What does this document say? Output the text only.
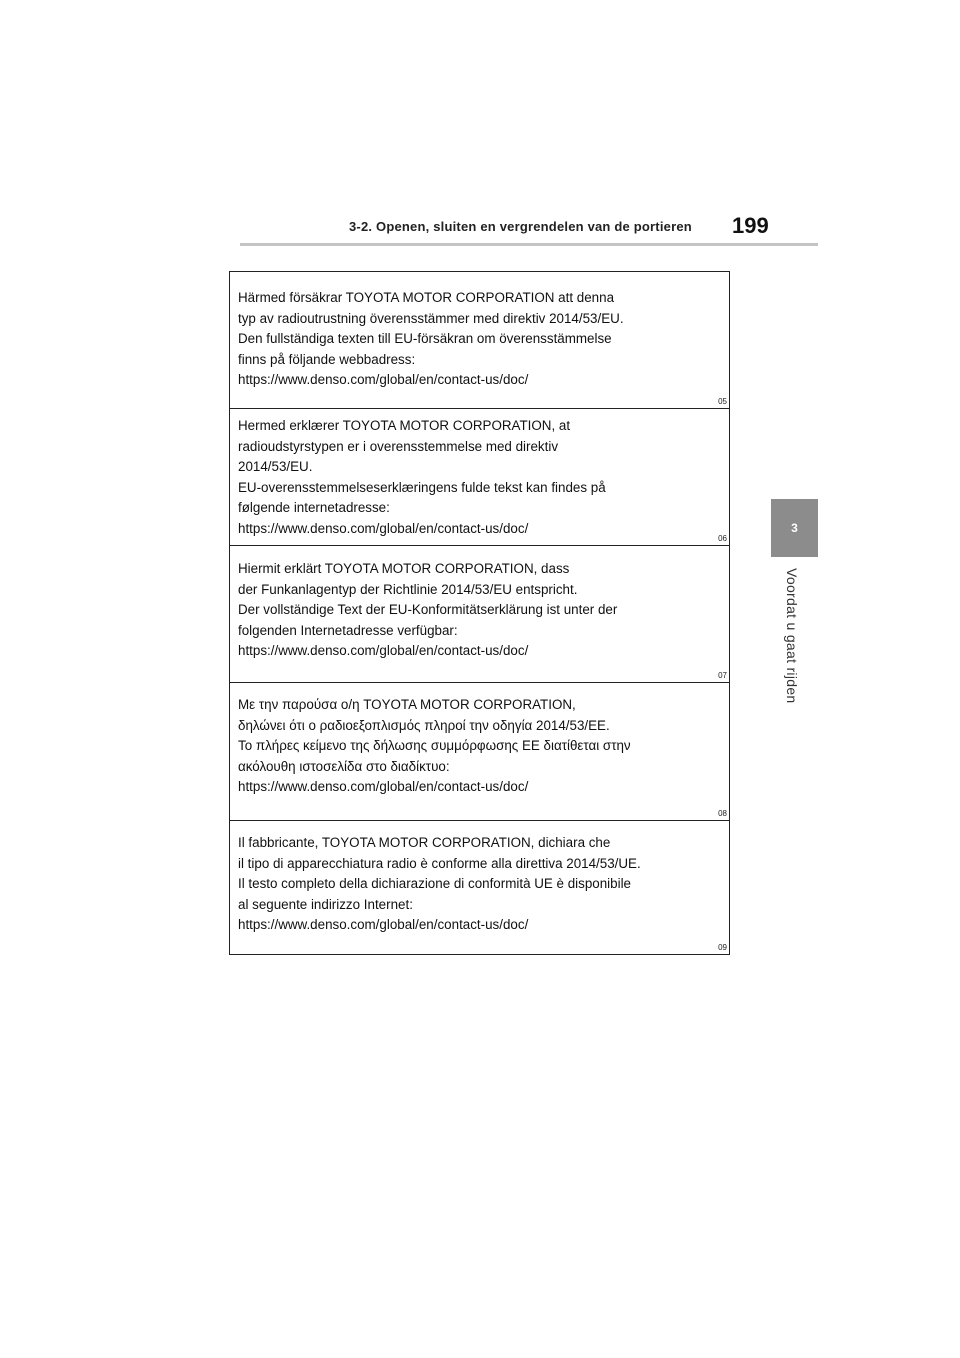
3-2. Openen, sluiten en vergrendelen van de portieren 199
3
Voordat u gaat rijden
Härmed försäkrar TOYOTA MOTOR CORPORATION att denna
typ av radioutrustning överensstämmer med direktiv 2014/53/EU.
Den fullständiga texten till EU-försäkran om överensstämmelse
finns på följande webbadress:
https://www.denso.com/global/en/contact-us/doc/
05
Hermed erklærer TOYOTA MOTOR CORPORATION, at
radioudstyrstypen er i overensstemmelse med direktiv
2014/53/EU.
EU-overensstemmelseserklæringens fulde tekst kan findes på
følgende internetadresse:
https://www.denso.com/global/en/contact-us/doc/
06
Hiermit erklärt TOYOTA MOTOR CORPORATION, dass
der Funkanlagentyp der Richtlinie 2014/53/EU entspricht.
Der vollständige Text der EU-Konformitätserklärung ist unter der
folgenden Internetadresse verfügbar:
https://www.denso.com/global/en/contact-us/doc/
07
Με την παρούσα ο/η TOYOTA MOTOR CORPORATION,
δηλώνει ότι ο ραδιοεξοπλισμός πληροί την οδηγία 2014/53/ΕΕ.
Το πλήρες κείμενο της δήλωσης συμμόρφωσης ΕΕ διατίθεται στην
ακόλουθη ιστοσελίδα στο διαδίκτυο:
https://www.denso.com/global/en/contact-us/doc/
08
Il fabbricante, TOYOTA MOTOR CORPORATION, dichiara che
il tipo di apparecchiatura radio è conforme alla direttiva 2014/53/UE.
Il testo completo della dichiarazione di conformità UE è disponibile
al seguente indirizzo Internet:
https://www.denso.com/global/en/contact-us/doc/
09
